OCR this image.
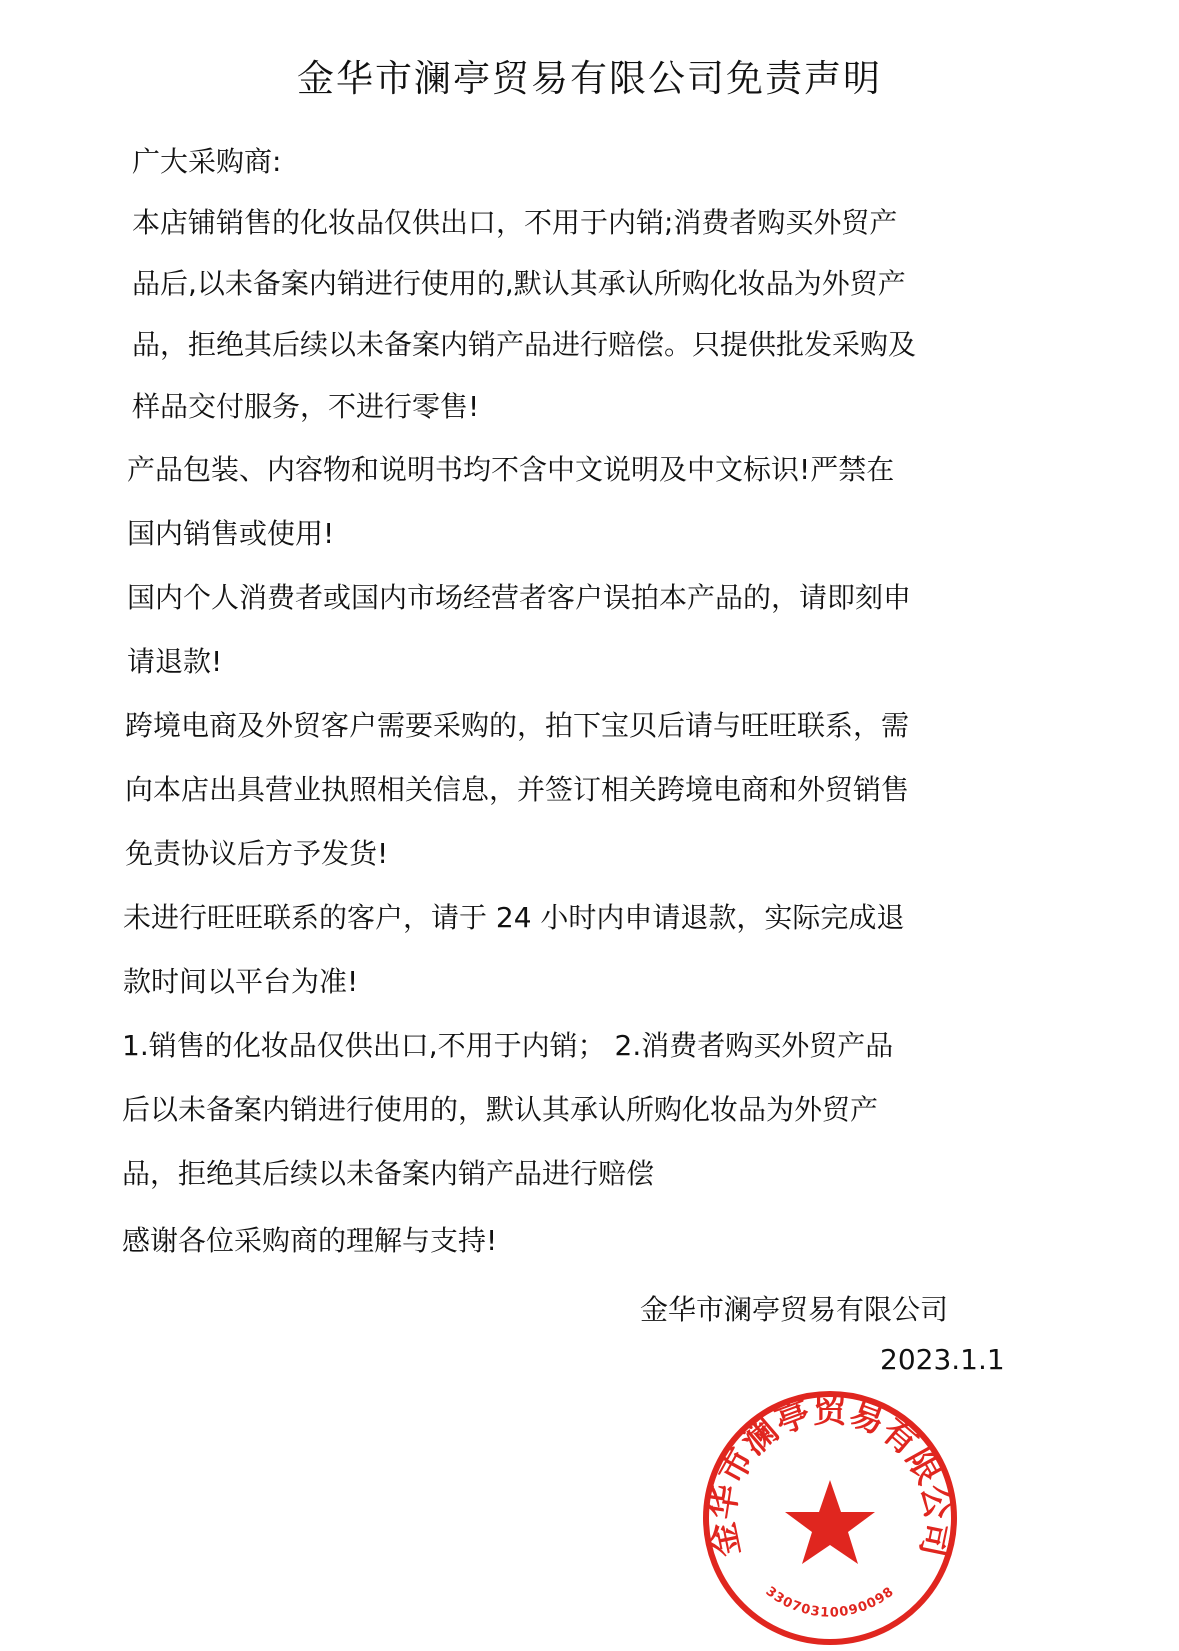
金华市澜亭贸易有限公司免责声明
广大采购商:
本店铺销售的化妆品仅供出口，不用于内销;消费者购买外贸产
品后,以未备案内销进行使用的,默认其承认所购化妆品为外贸产
品，拒绝其后续以未备案内销产品进行赔偿。只提供批发采购及
样品交付服务，不进行零售!
产品包装、内容物和说明书均不含中文说明及中文标识!严禁在
国内销售或使用!
国内个人消费者或国内市场经营者客户误拍本产品的，请即刻申
请退款!
跨境电商及外贸客户需要采购的，拍下宝贝后请与旺旺联系，需
向本店出具营业执照相关信息，并签订相关跨境电商和外贸销售
免责协议后方予发货!
未进行旺旺联系的客户，请于 24 小时内申请退款，实际完成退
款时间以平台为准!
1.销售的化妆品仅供出口,不用于内销； 2.消费者购买外贸产品
后以未备案内销进行使用的，默认其承认所购化妆品为外贸产
品，拒绝其后续以未备案内销产品进行赔偿
感谢各位采购商的理解与支持!
金华市澜亭贸易有限公司
2023.1.1
金华市澜亭贸易有限公司
33070310090098
